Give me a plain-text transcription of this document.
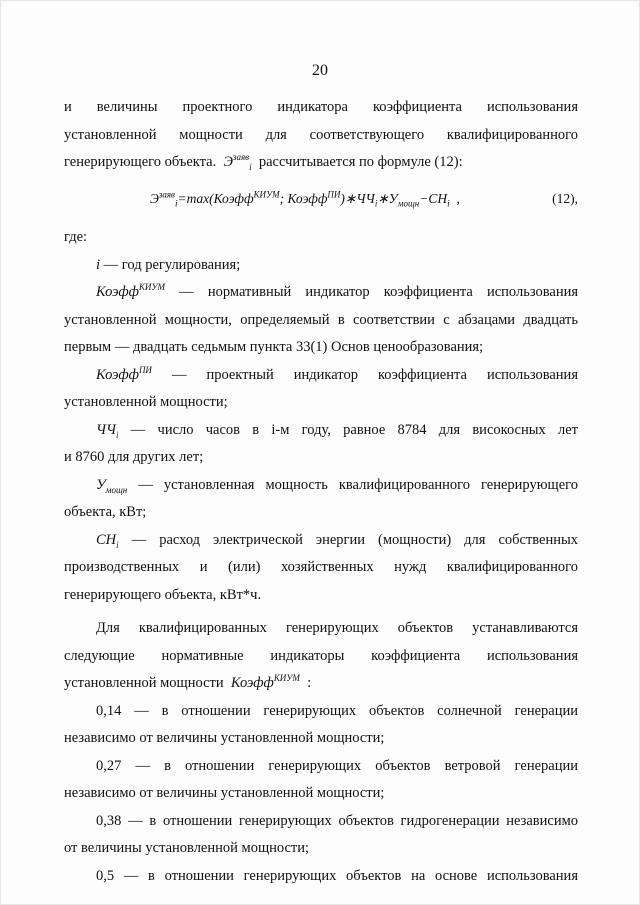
20
и величины проектного индикатора коэффициента использования
установленной мощности для соответствующего квалифицированного
генерирующего объекта. $Э^{заяв}_i$ рассчитывается по формуле (12):
$Э^{заяв}_i=\max(Коэфф^{КИУМ}$; $Коэфф^{ПИ})∗ЧЧ_i∗У_{мощн}-СН_i$ ,	(12),
где:
i — год регулирования;
Коэфф$^{КИУМ}$ — нормативный индикатор коэффициента использования
установленной мощности, определяемый в соответствии с абзацами двадцать
первым — двадцать седьмым пункта 33(1) Основ ценообразования;
Коэфф$^{ПИ}$ — проектный индикатор коэффициента использования
установленной мощности;
$ЧЧ_i$ — число часов в i-м году, равное 8784 для високосных лет
и 8760 для других лет;
$У_{мощн}$ — установленная мощность квалифицированного генерирующего
объекта, кВт;
$СН_i$ — расход электрической энергии (мощности) для собственных
производственных и (или) хозяйственных нужд квалифицированного
генерирующего объекта, кВт*ч.
Для квалифицированных генерирующих объектов устанавливаются
следующие нормативные индикаторы коэффициента использования
установленной мощности Коэфф$^{КИУМ}$ :
0,14 — в отношении генерирующих объектов солнечной генерации
независимо от величины установленной мощности;
0,27 — в отношении генерирующих объектов ветровой генерации
независимо от величины установленной мощности;
0,38 — в отношении генерирующих объектов гидрогенерации независимо
от величины установленной мощности;
0,5 — в отношении генерирующих объектов на основе использования
